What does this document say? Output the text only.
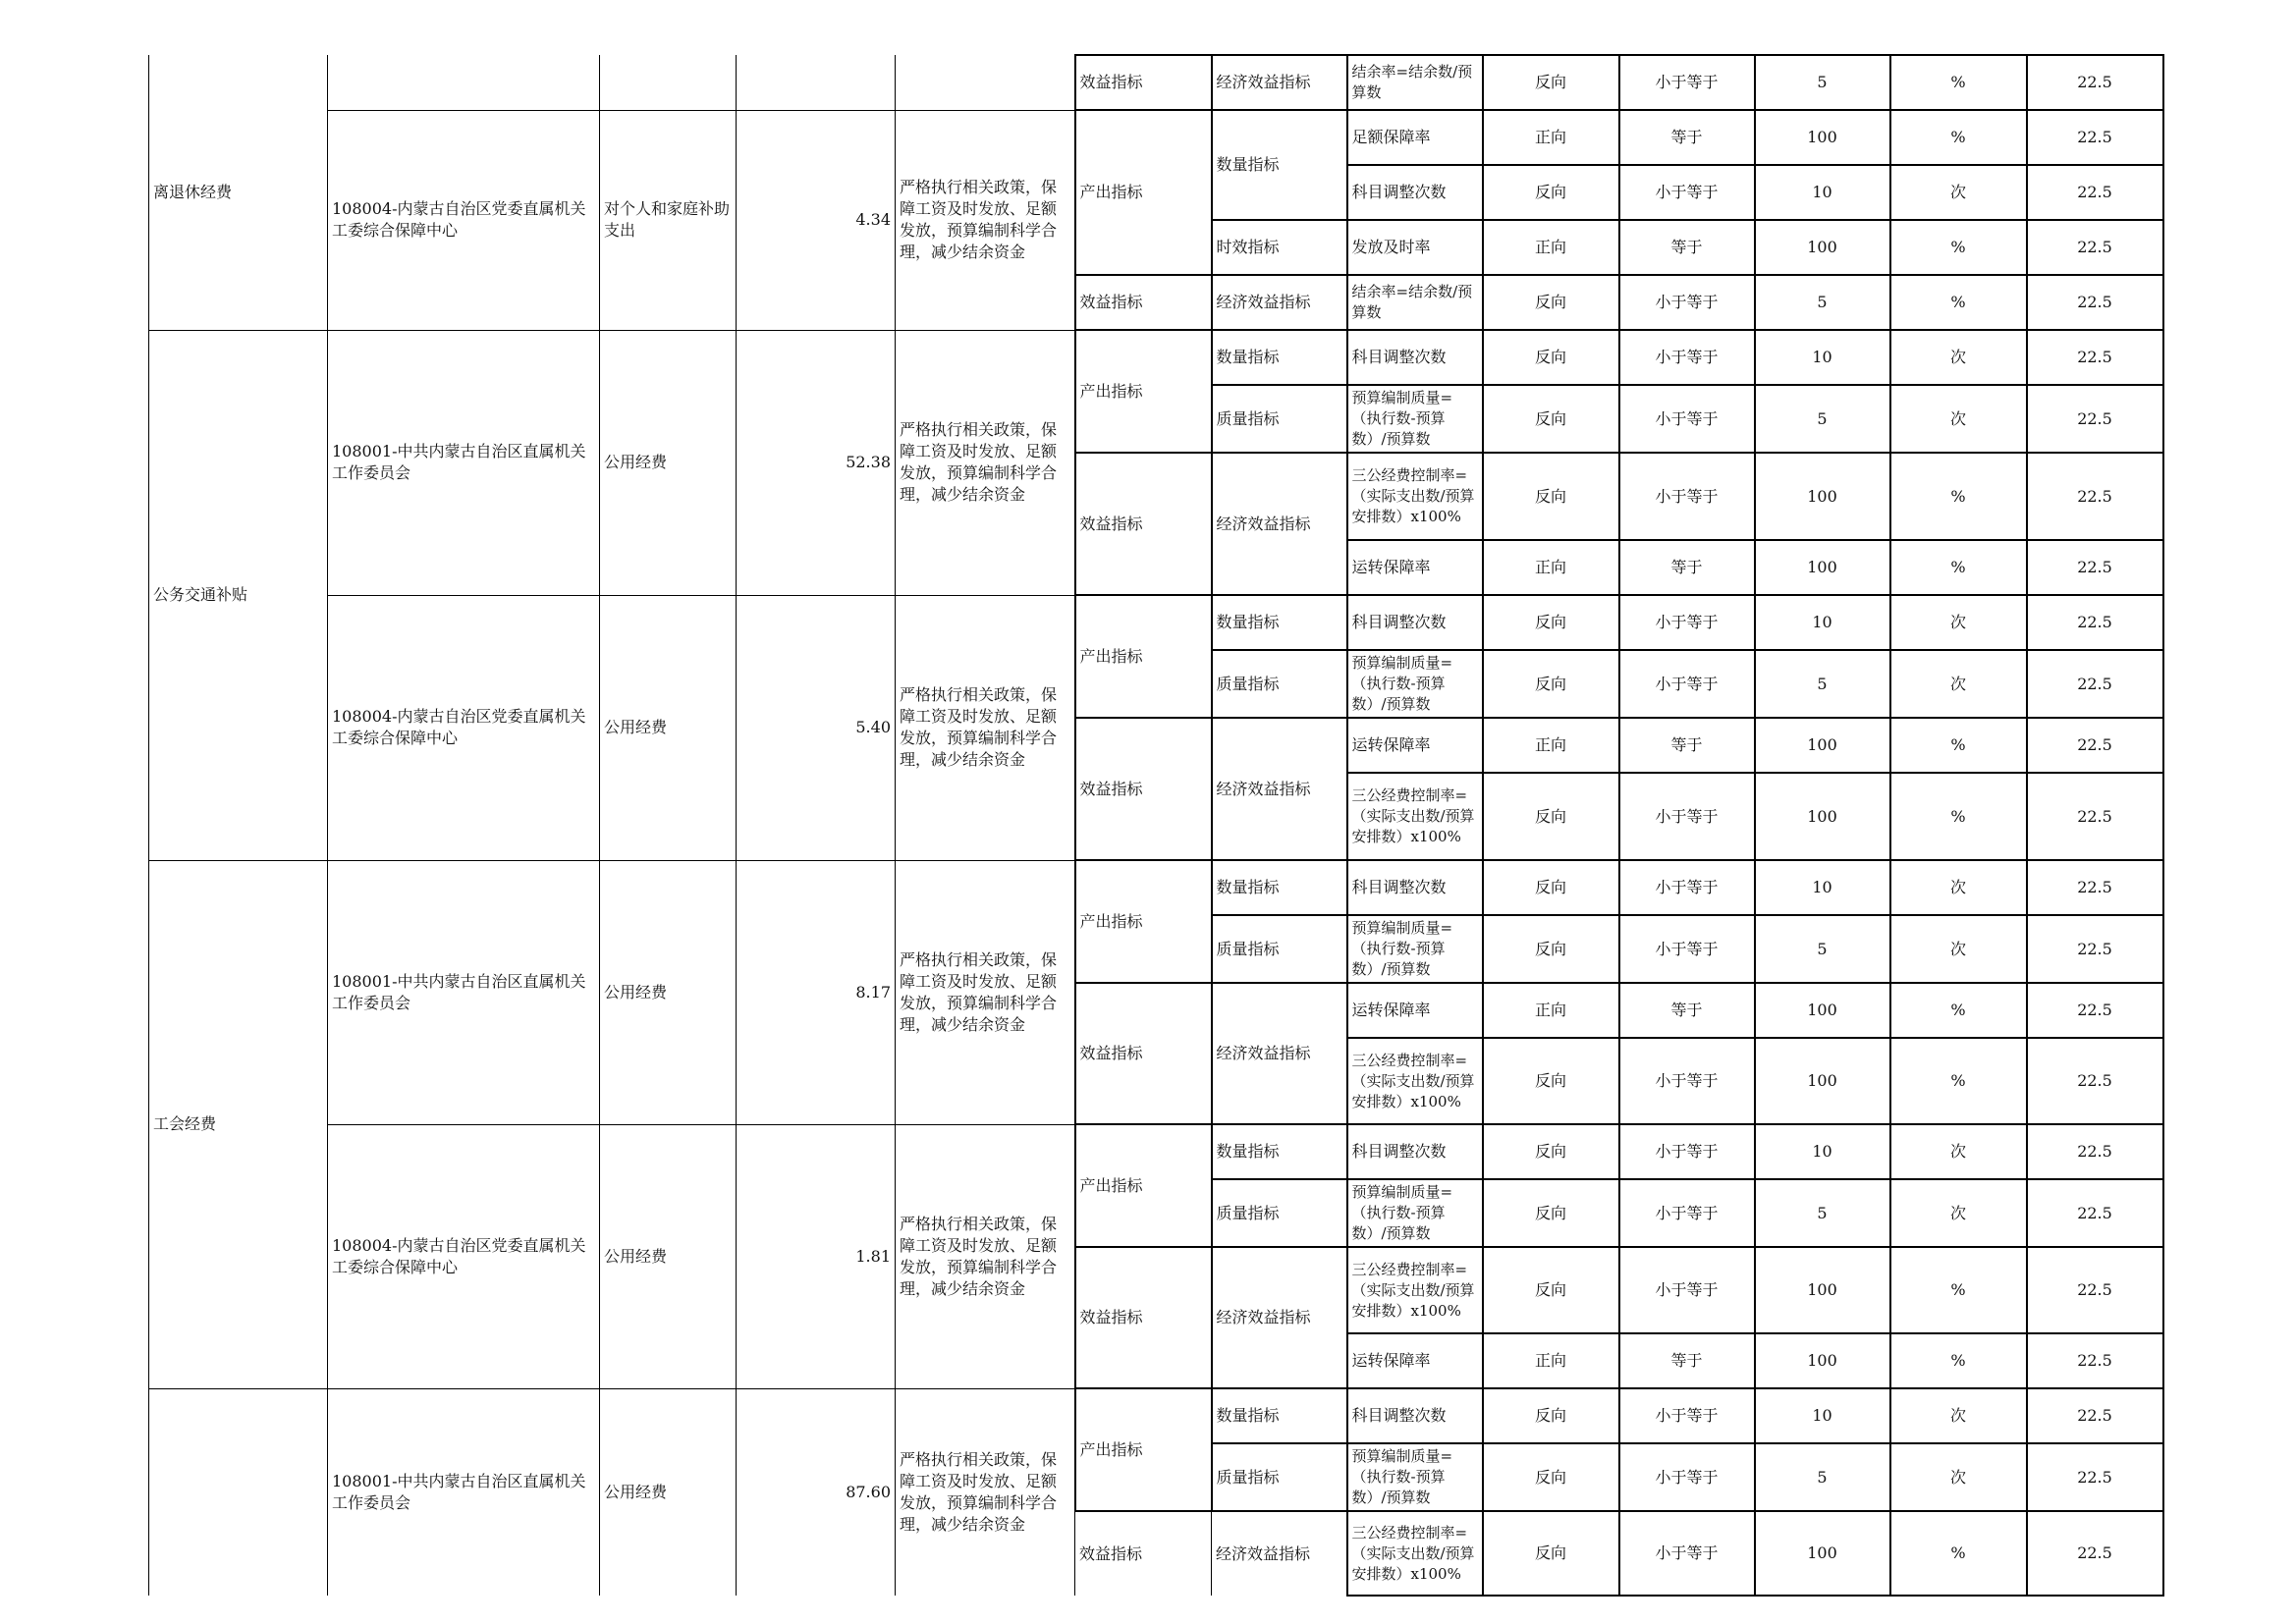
离退休经费					效益指标	经济效益指标	结余率=结余数/预算数	反向	小于等于	5	%	22.5
	108004-内蒙古自治区党委直属机关工委综合保障中心	对个人和家庭补助支出	4.34	严格执行相关政策，保障工资及时发放、足额发放，预算编制科学合理，减少结余资金	产出指标	数量指标	足额保障率	正向	等于	100	%	22.5
							科目调整次数	反向	小于等于	10	次	22.5
						时效指标	发放及时率	正向	等于	100	%	22.5
					效益指标	经济效益指标	结余率=结余数/预算数	反向	小于等于	5	%	22.5
公务交通补贴	108001-中共内蒙古自治区直属机关工作委员会	公用经费	52.38	严格执行相关政策，保障工资及时发放、足额发放，预算编制科学合理，减少结余资金	产出指标	数量指标	科目调整次数	反向	小于等于	10	次	22.5
						质量指标	预算编制质量=（执行数-预算数）/预算数	反向	小于等于	5	次	22.5
					效益指标	经济效益指标	三公经费控制率=（实际支出数/预算安排数）x100%	反向	小于等于	100	%	22.5
							运转保障率	正向	等于	100	%	22.5
	108004-内蒙古自治区党委直属机关工委综合保障中心	公用经费	5.40	严格执行相关政策，保障工资及时发放、足额发放，预算编制科学合理，减少结余资金	产出指标	数量指标	科目调整次数	反向	小于等于	10	次	22.5
						质量指标	预算编制质量=（执行数-预算数）/预算数	反向	小于等于	5	次	22.5
					效益指标	经济效益指标	运转保障率	正向	等于	100	%	22.5
							三公经费控制率=（实际支出数/预算安排数）x100%	反向	小于等于	100	%	22.5
工会经费	108001-中共内蒙古自治区直属机关工作委员会	公用经费	8.17	严格执行相关政策，保障工资及时发放、足额发放，预算编制科学合理，减少结余资金	产出指标	数量指标	科目调整次数	反向	小于等于	10	次	22.5
						质量指标	预算编制质量=（执行数-预算数）/预算数	反向	小于等于	5	次	22.5
					效益指标	经济效益指标	运转保障率	正向	等于	100	%	22.5
							三公经费控制率=（实际支出数/预算安排数）x100%	反向	小于等于	100	%	22.5
	108004-内蒙古自治区党委直属机关工委综合保障中心	公用经费	1.81	严格执行相关政策，保障工资及时发放、足额发放，预算编制科学合理，减少结余资金	产出指标	数量指标	科目调整次数	反向	小于等于	10	次	22.5
						质量指标	预算编制质量=（执行数-预算数）/预算数	反向	小于等于	5	次	22.5
					效益指标	经济效益指标	三公经费控制率=（实际支出数/预算安排数）x100%	反向	小于等于	100	%	22.5
							运转保障率	正向	等于	100	%	22.5
	108001-中共内蒙古自治区直属机关工作委员会	公用经费	87.60	严格执行相关政策，保障工资及时发放、足额发放，预算编制科学合理，减少结余资金	产出指标	数量指标	科目调整次数	反向	小于等于	10	次	22.5
						质量指标	预算编制质量=（执行数-预算数）/预算数	反向	小于等于	5	次	22.5
					效益指标	经济效益指标	三公经费控制率=（实际支出数/预算安排数）x100%	反向	小于等于	100	%	22.5
